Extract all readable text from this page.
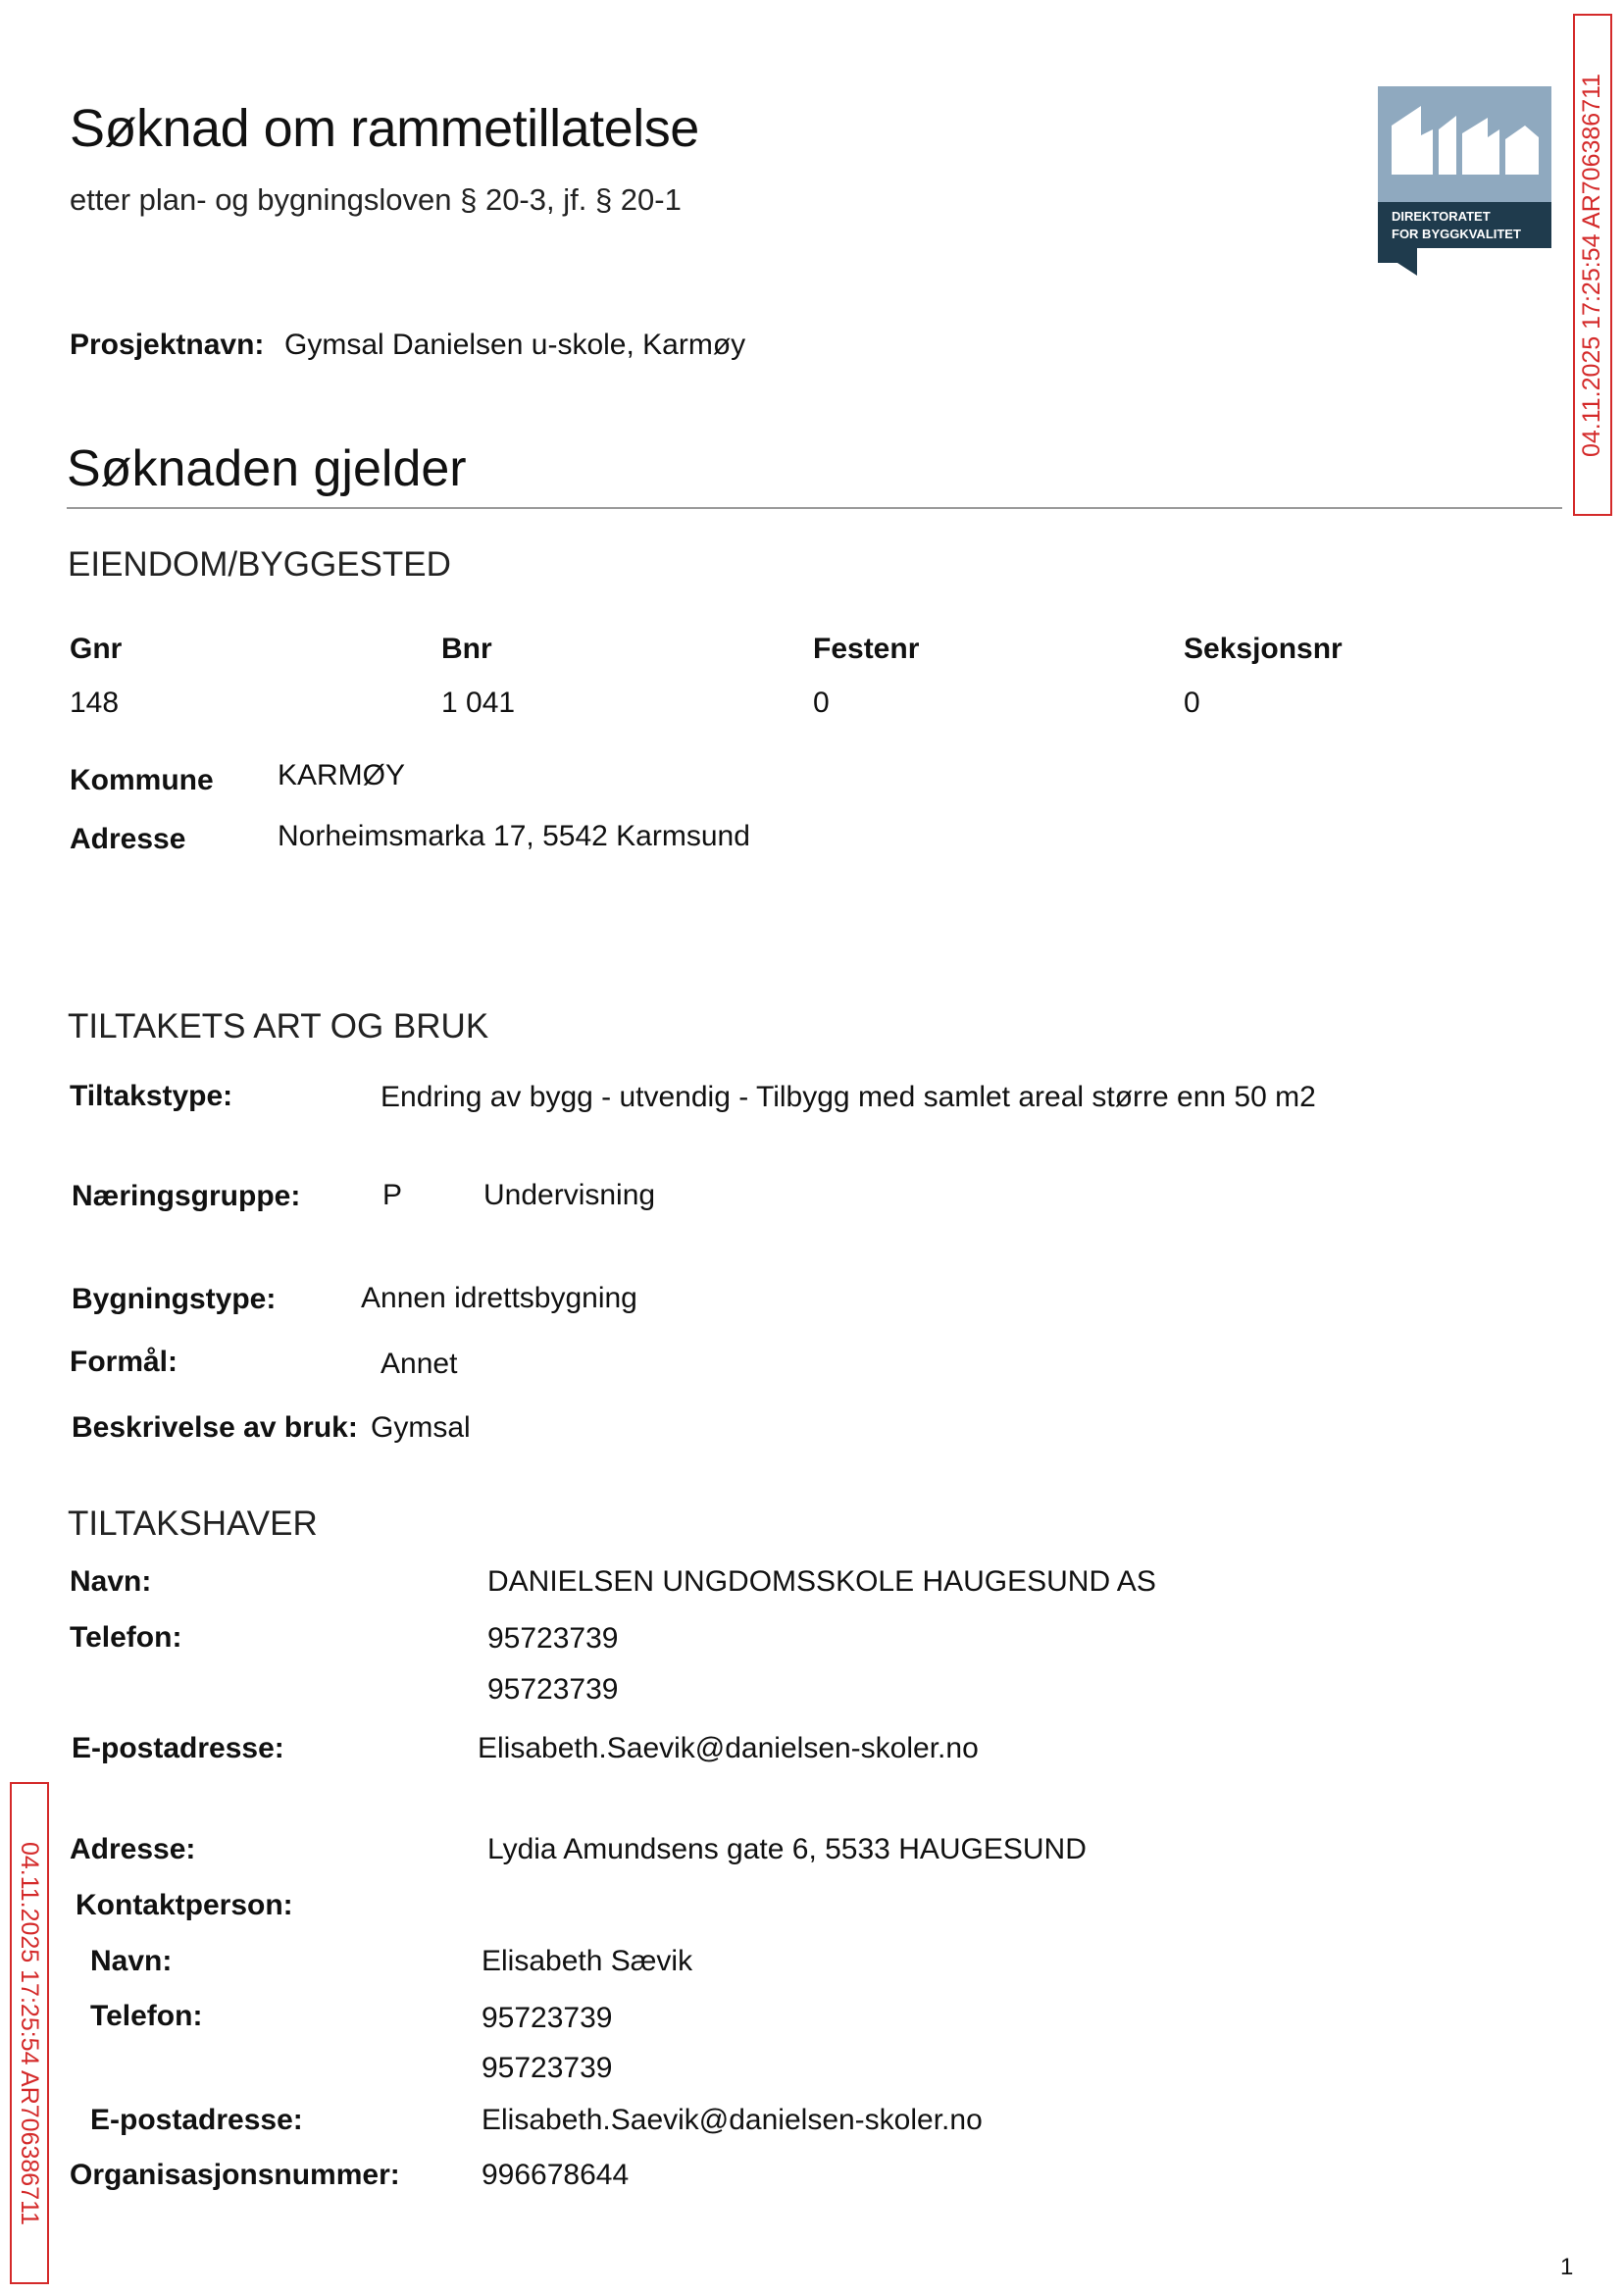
Søknad om rammetillatelse
etter plan- og bygningsloven § 20-3, jf. § 20-1	DIREKTORATET
FOR BYGGKVALITET 04.11.2025 17:25:54 AR706386711
04.11.2025 17:25:54 AR706386711
Prosjektnavn: Gymsal Danielsen u-skole, Karmøy
Søknaden gjelder
EIENDOM/BYGGESTED
Gnr	Bnr	Festenr	Seksjonsnr
148	1 041	0	0
Kommune KARMØY
Adresse	Norheimsmarka 17, 5542 Karmsund
TILTAKETS ART OG BRUK
Tiltakstype:	Endring av bygg - utvendig - Tilbygg med samlet areal større enn 50 m2
Næringsgruppe:	P	Undervisning
Bygningstype:	Annen idrettsbygning
Formål:	Annet
Beskrivelse av bruk: Gymsal
TILTAKSHAVER
Navn:	DANIELSEN UNGDOMSSKOLE HAUGESUND AS
Telefon:	95723739
95723739
E-postadresse:	Elisabeth.Saevik@danielsen-skoler.no
Adresse:	Lydia Amundsens gate 6, 5533 HAUGESUND
Kontaktperson:
Navn:	Elisabeth Sævik
Telefon:	95723739
95723739
E-postadresse:	Elisabeth.Saevik@danielsen-skoler.no
Organisasjonsnummer:	996678644
1
